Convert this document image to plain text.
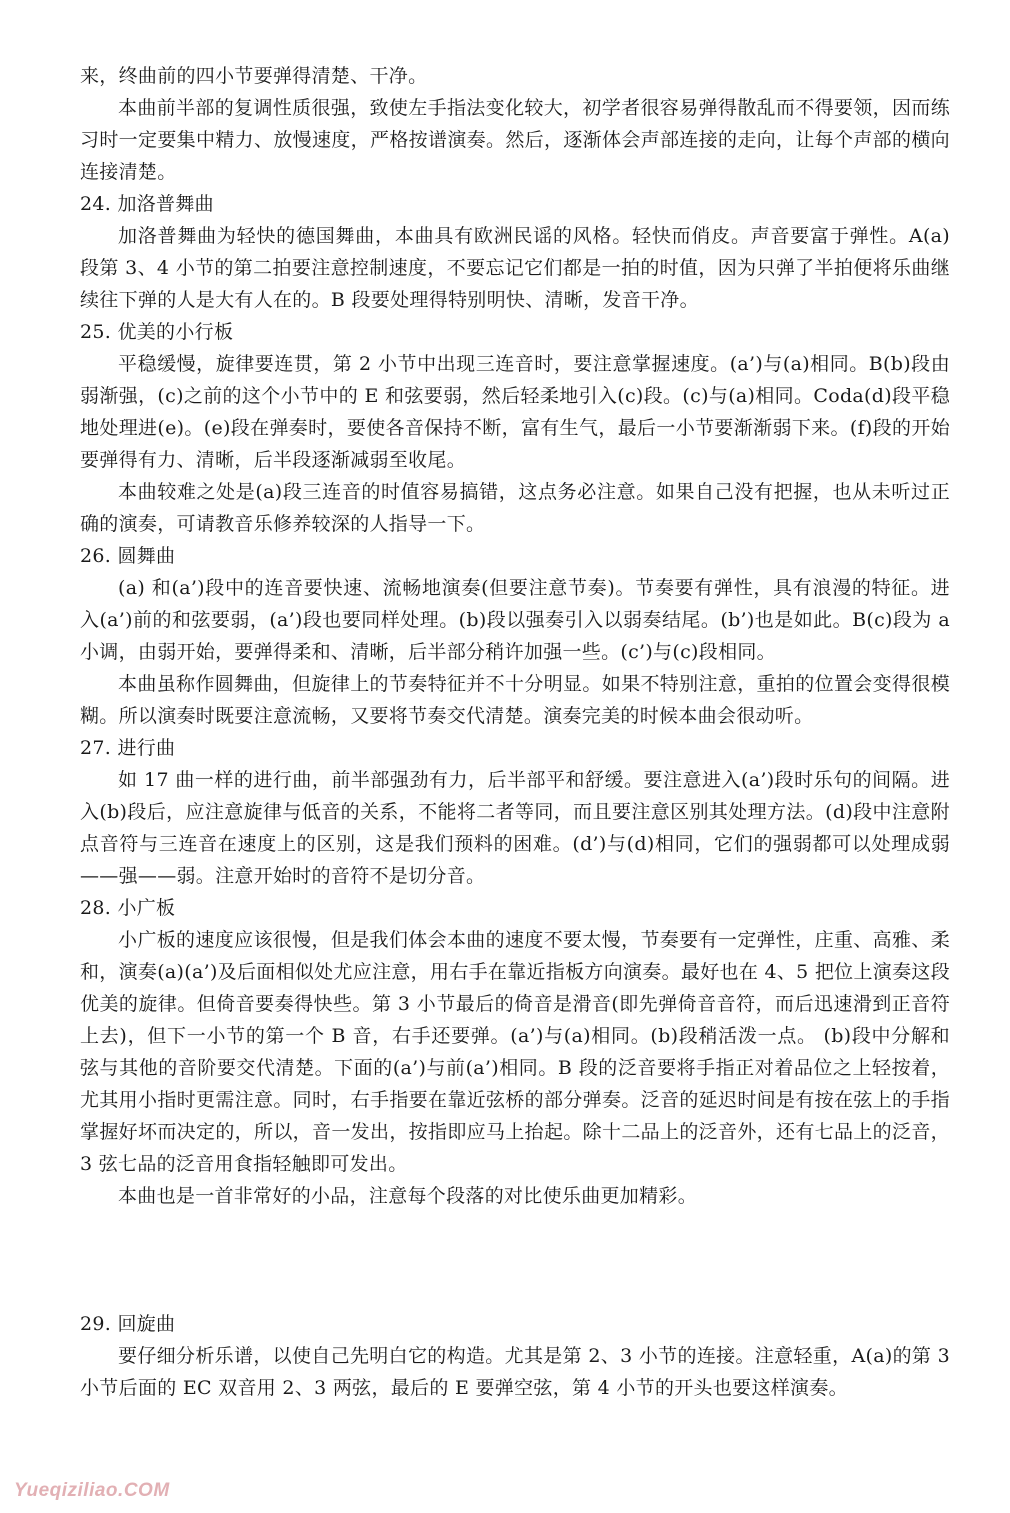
来，终曲前的四小节要弹得清楚、干净。

本曲前半部的复调性质很强，致使左手指法变化较大，初学者很容易弹得散乱而不得要领，因而练习时一定要集中精力、放慢速度，严格按谱演奏。然后，逐渐体会声部连接的走向，让每个声部的横向连接清楚。

24. 加洛普舞曲

加洛普舞曲为轻快的德国舞曲，本曲具有欧洲民谣的风格。轻快而俏皮。声音要富于弹性。A(a)段第 3、4 小节的第二拍要注意控制速度，不要忘记它们都是一拍的时值，因为只弹了半拍便将乐曲继续往下弹的人是大有人在的。B 段要处理得特别明快、清晰，发音干净。

25. 优美的小行板

平稳缓慢，旋律要连贯，第 2 小节中出现三连音时，要注意掌握速度。(a’)与(a)相同。B(b)段由弱渐强，(c)之前的这个小节中的 E 和弦要弱，然后轻柔地引入(c)段。(c)与(a)相同。Coda(d)段平稳地处理进(e)。(e)段在弹奏时，要使各音保持不断，富有生气，最后一小节要渐渐弱下来。(f)段的开始要弹得有力、清晰，后半段逐渐减弱至收尾。

本曲较难之处是(a)段三连音的时值容易搞错，这点务必注意。如果自己没有把握，也从未听过正确的演奏，可请教音乐修养较深的人指导一下。

26. 圆舞曲

(a) 和(a’)段中的连音要快速、流畅地演奏(但要注意节奏)。节奏要有弹性，具有浪漫的特征。进入(a’)前的和弦要弱，(a’)段也要同样处理。(b)段以强奏引入以弱奏结尾。(b’)也是如此。B(c)段为 a 小调，由弱开始，要弹得柔和、清晰，后半部分稍许加强一些。(c’)与(c)段相同。

本曲虽称作圆舞曲，但旋律上的节奏特征并不十分明显。如果不特别注意，重拍的位置会变得很模糊。所以演奏时既要注意流畅，又要将节奏交代清楚。演奏完美的时候本曲会很动听。

27. 进行曲

如 17 曲一样的进行曲，前半部强劲有力，后半部平和舒缓。要注意进入(a’)段时乐句的间隔。进入(b)段后，应注意旋律与低音的关系，不能将二者等同，而且要注意区别其处理方法。(d)段中注意附点音符与三连音在速度上的区别，这是我们预料的困难。(d’)与(d)相同，它们的强弱都可以处理成弱——强——弱。注意开始时的音符不是切分音。

28. 小广板

小广板的速度应该很慢，但是我们体会本曲的速度不要太慢，节奏要有一定弹性，庄重、高雅、柔和，演奏(a)(a’)及后面相似处尤应注意，用右手在靠近指板方向演奏。最好也在 4、5 把位上演奏这段优美的旋律。但倚音要奏得快些。第 3 小节最后的倚音是滑音(即先弹倚音音符，而后迅速滑到正音符上去)，但下一小节的第一个 B 音，右手还要弹。(a’)与(a)相同。(b)段稍活泼一点。 (b)段中分解和弦与其他的音阶要交代清楚。下面的(a’)与前(a’)相同。B 段的泛音要将手指正对着品位之上轻按着，尤其用小指时更需注意。同时，右手指要在靠近弦桥的部分弹奏。泛音的延迟时间是有按在弦上的手指掌握好坏而决定的，所以，音一发出，按指即应马上抬起。除十二品上的泛音外，还有七品上的泛音，3 弦七品的泛音用食指轻触即可发出。

本曲也是一首非常好的小品，注意每个段落的对比使乐曲更加精彩。

29. 回旋曲

要仔细分析乐谱，以使自己先明白它的构造。尤其是第 2、3 小节的连接。注意轻重，A(a)的第 3 小节后面的 EC 双音用 2、3 两弦，最后的 E 要弹空弦，第 4 小节的开头也要这样演奏。

Yueqiziliao.COM
